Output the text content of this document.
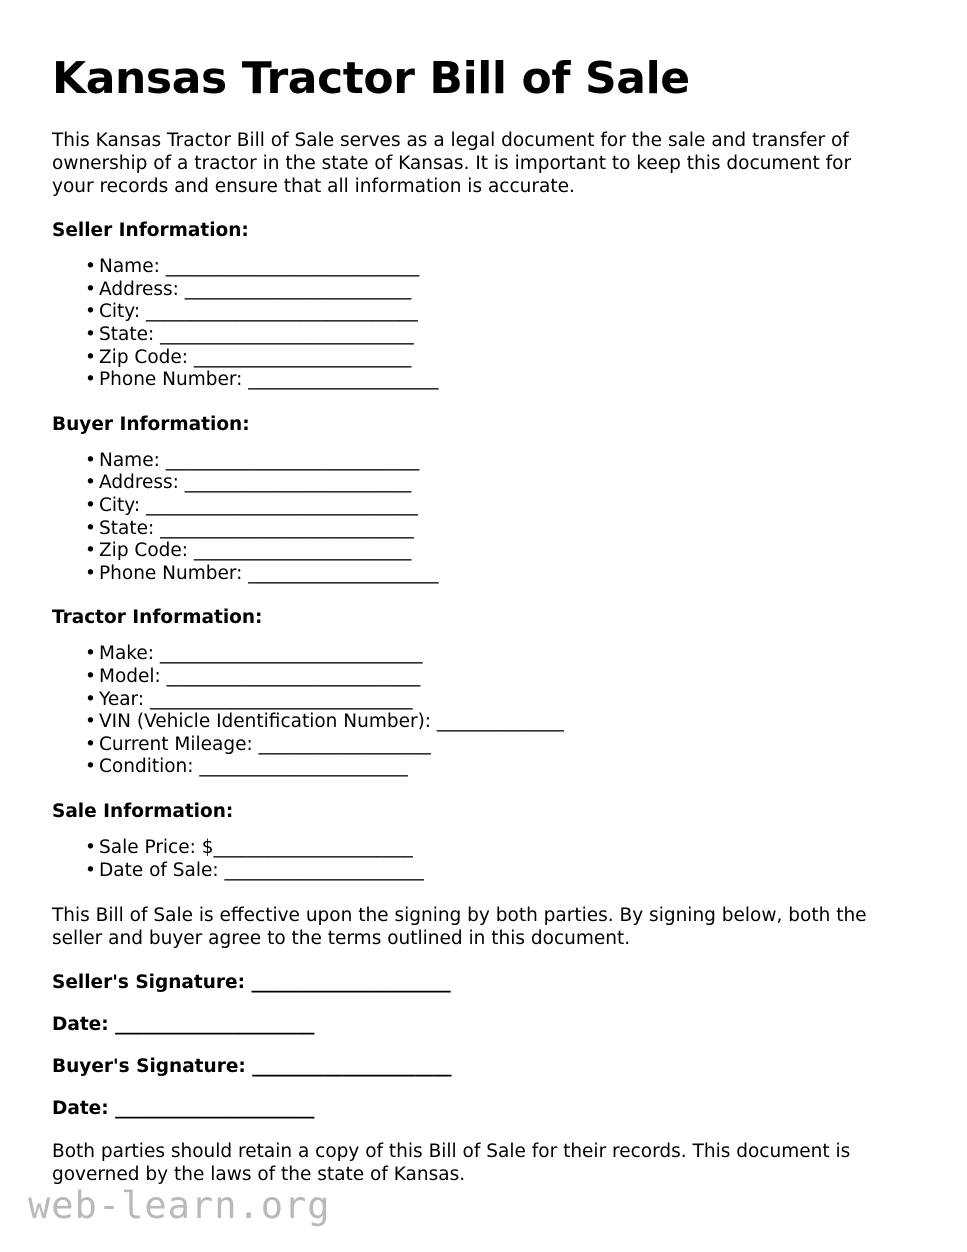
Kansas Tractor Bill of Sale

This Kansas Tractor Bill of Sale serves as a legal document for the sale and transfer of ownership of a tractor in the state of Kansas. It is important to keep this document for your records and ensure that all information is accurate.

Seller Information:
• Name: ____________________________
• Address: _________________________
• City: ______________________________
• State: ____________________________
• Zip Code: ________________________
• Phone Number: _____________________
Buyer Information:
• Name: ____________________________
• Address: _________________________
• City: ______________________________
• State: ____________________________
• Zip Code: ________________________
• Phone Number: _____________________
Tractor Information:
• Make: _____________________________
• Model: ____________________________
• Year: _____________________________
• VIN (Vehicle Identification Number): ______________
• Current Mileage: ___________________
• Condition: _______________________
Sale Information:
• Sale Price: $______________________
• Date of Sale: ______________________

This Bill of Sale is effective upon the signing by both parties. By signing below, both the seller and buyer agree to the terms outlined in this document.

Seller's Signature: ______________________

Date: ______________________

Buyer's Signature: ______________________

Date: ______________________

Both parties should retain a copy of this Bill of Sale for their records. This document is governed by the laws of the state of Kansas.

web-learn.org
